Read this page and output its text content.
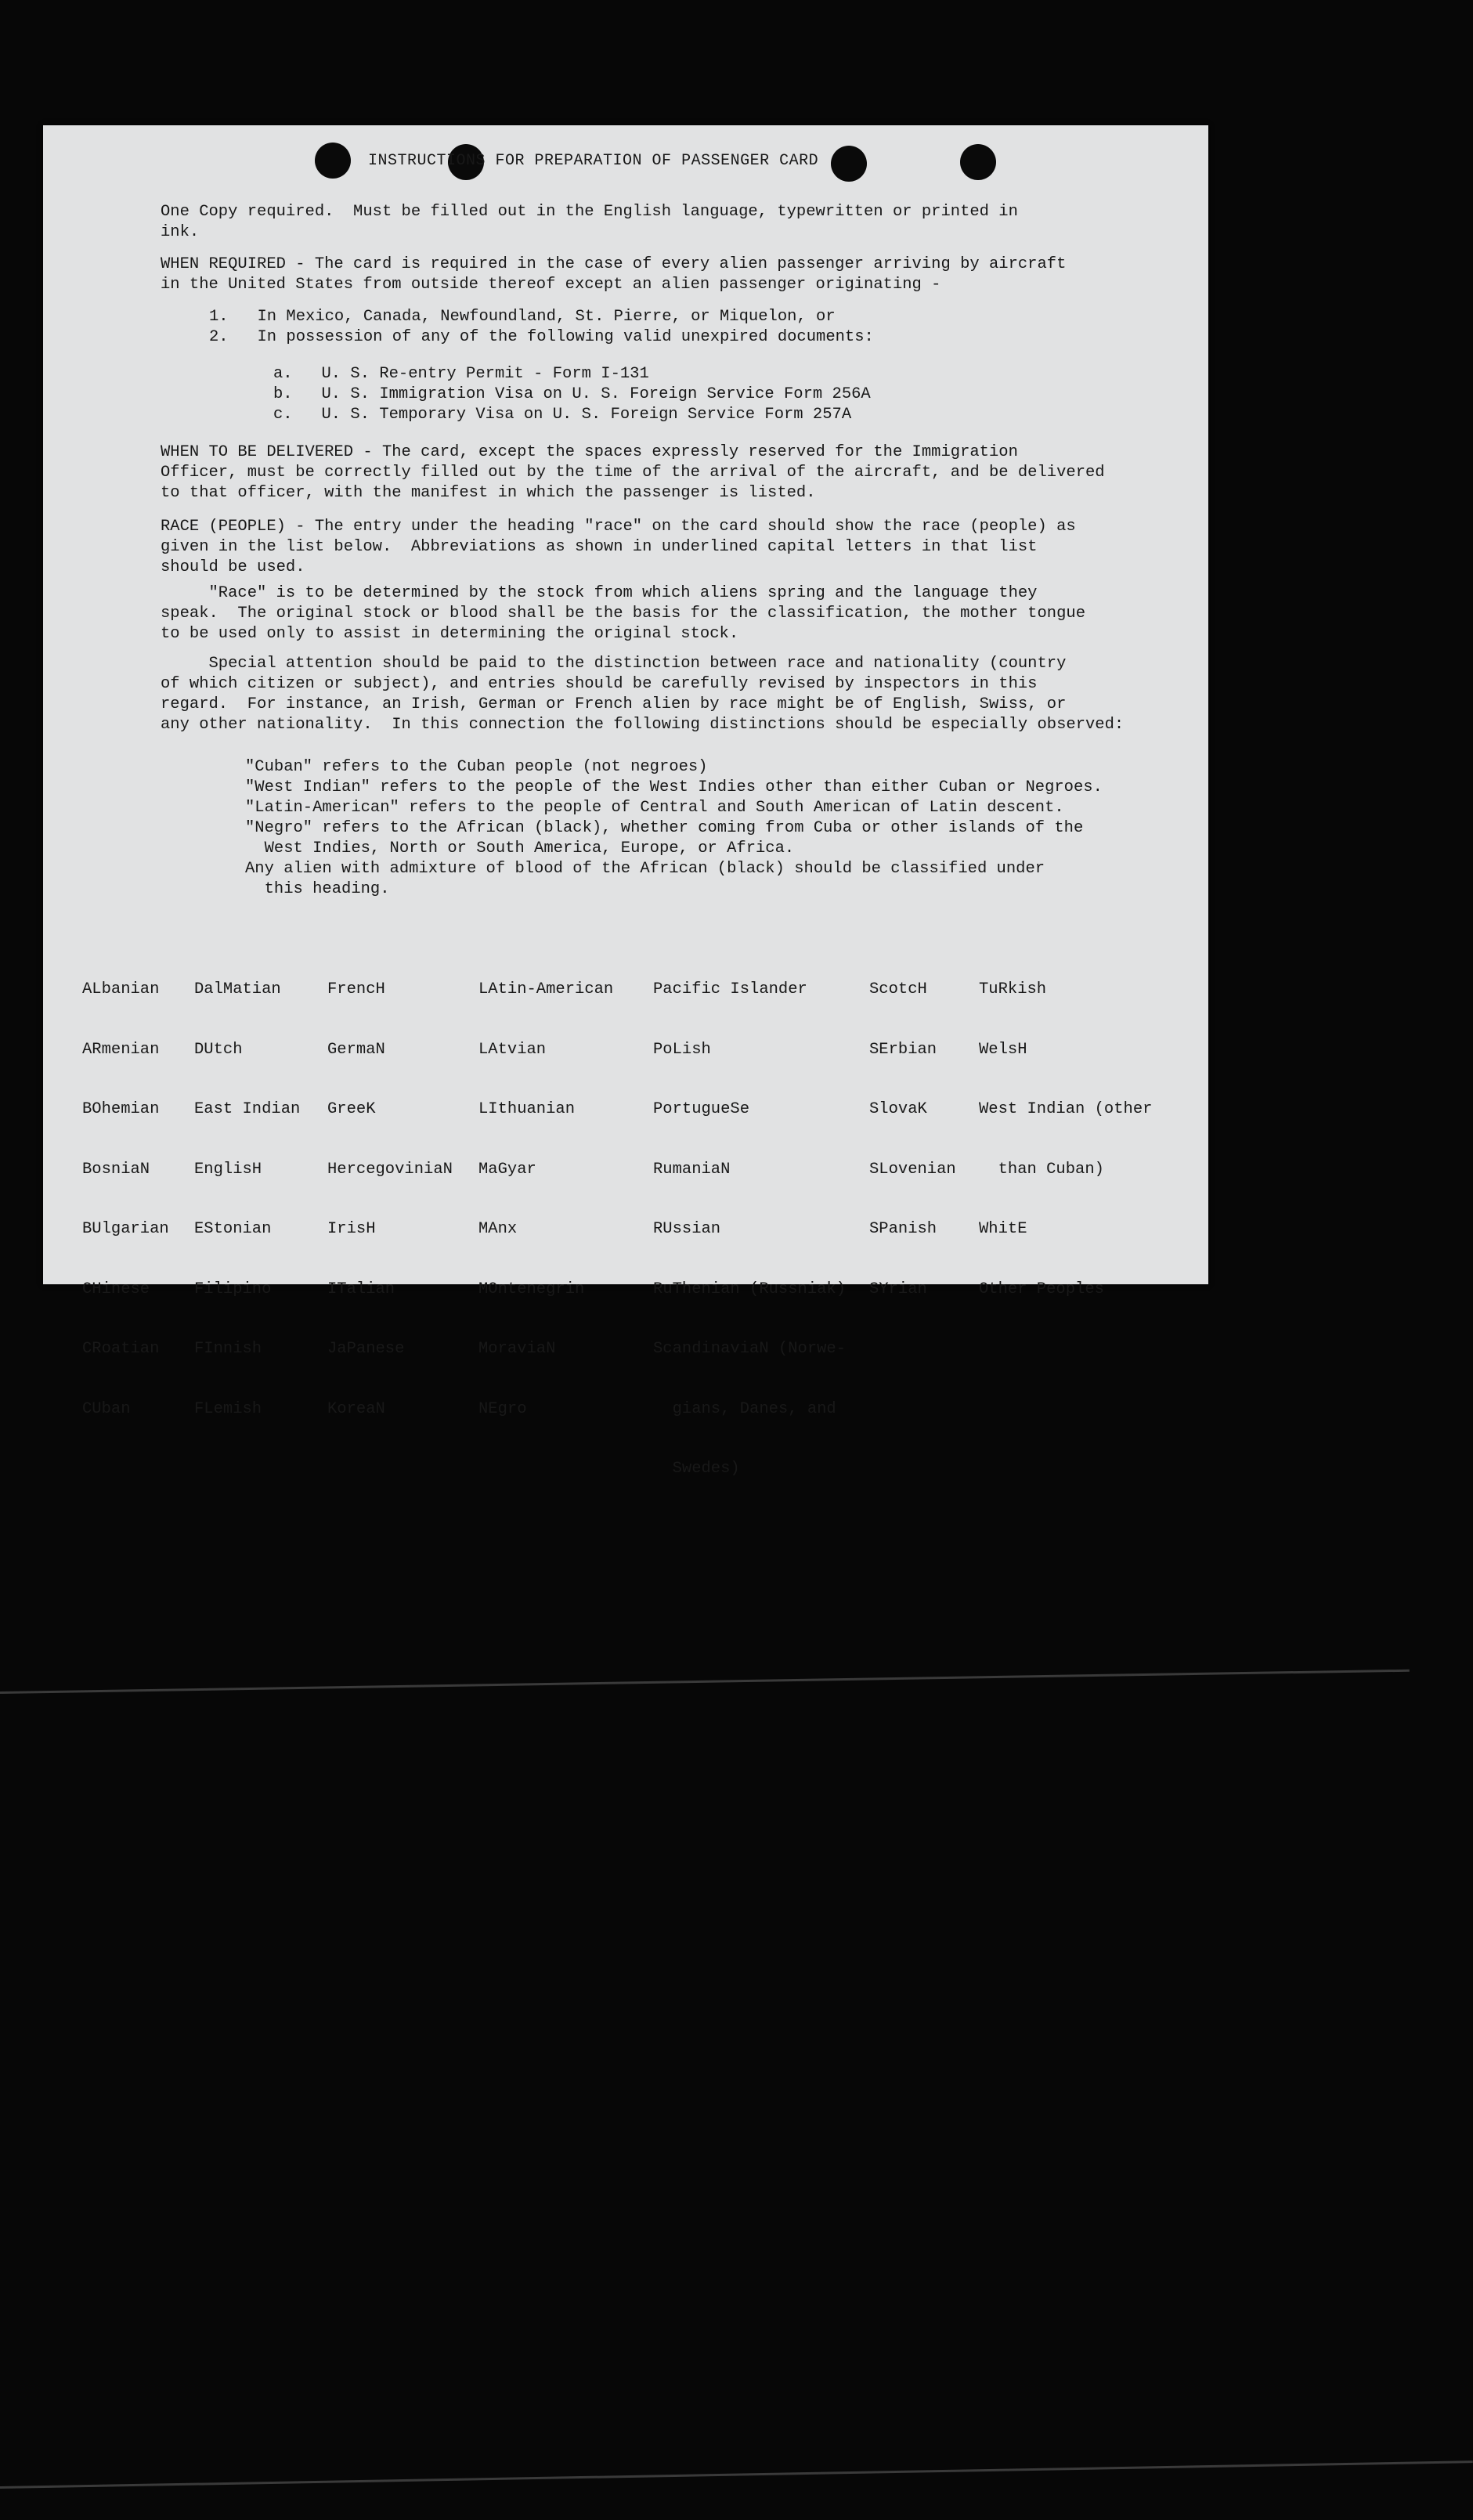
INSTRUCTIONS FOR PREPARATION OF PASSENGER CARD
One Copy required.  Must be filled out in the English language, typewritten or printed in
ink.
WHEN REQUIRED - The card is required in the case of every alien passenger arriving by aircraft
in the United States from outside thereof except an alien passenger originating -
1.   In Mexico, Canada, Newfoundland, St. Pierre, or Miquelon, or
2.   In possession of any of the following valid unexpired documents:
a.   U. S. Re-entry Permit - Form I-131
b.   U. S. Immigration Visa on U. S. Foreign Service Form 256A
c.   U. S. Temporary Visa on U. S. Foreign Service Form 257A
WHEN TO BE DELIVERED - The card, except the spaces expressly reserved for the Immigration
Officer, must be correctly filled out by the time of the arrival of the aircraft, and be delivered
to that officer, with the manifest in which the passenger is listed.
RACE (PEOPLE) - The entry under the heading "race" on the card should show the race (people) as
given in the list below.  Abbreviations as shown in underlined capital letters in that list
should be used.
"Race" is to be determined by the stock from which aliens spring and the language they
speak.  The original stock or blood shall be the basis for the classification, the mother tongue
to be used only to assist in determining the original stock.
Special attention should be paid to the distinction between race and nationality (country
of which citizen or subject), and entries should be carefully revised by inspectors in this
regard.  For instance, an Irish, German or French alien by race might be of English, Swiss, or
any other nationality.  In this connection the following distinctions should be especially observed:
"Cuban" refers to the Cuban people (not negroes)
"West Indian" refers to the people of the West Indies other than either Cuban or Negroes.
"Latin-American" refers to the people of Central and South American of Latin descent.
"Negro" refers to the African (black), whether coming from Cuba or other islands of the
West Indies, North or South America, Europe, or Africa.
Any alien with admixture of blood of the African (black) should be classified under
this heading.

ALbanian

ARmenian

BOhemian

BosniaN

BUlgarian

CHinese

CRoatian

CUban

DalMatian

DUtch

East Indian

EnglisH

EStonian

Filipino

FInnish

FLemish

FrencH

GermaN

GreeK

HercegoviniaN

IrisH

ITalian

JaPanese

KoreaN

LAtin-American

LAtvian

LIthuanian

MaGyar

MAnx

MOntenegrin

MoraviaN

NEgro

Pacific Islander

PoLish

PortugueSe

RumaniaN

RUssian

RuThenian (Russniak)

ScandinaviaN (Norwe-

gians, Danes, and

Swedes)

ScotcH

SErbian

SlovaK

SLovenian

SPanish

SYrian

TuRkish

WelsH

West Indian (other

than Cuban)

WhitE

Other Peoples
